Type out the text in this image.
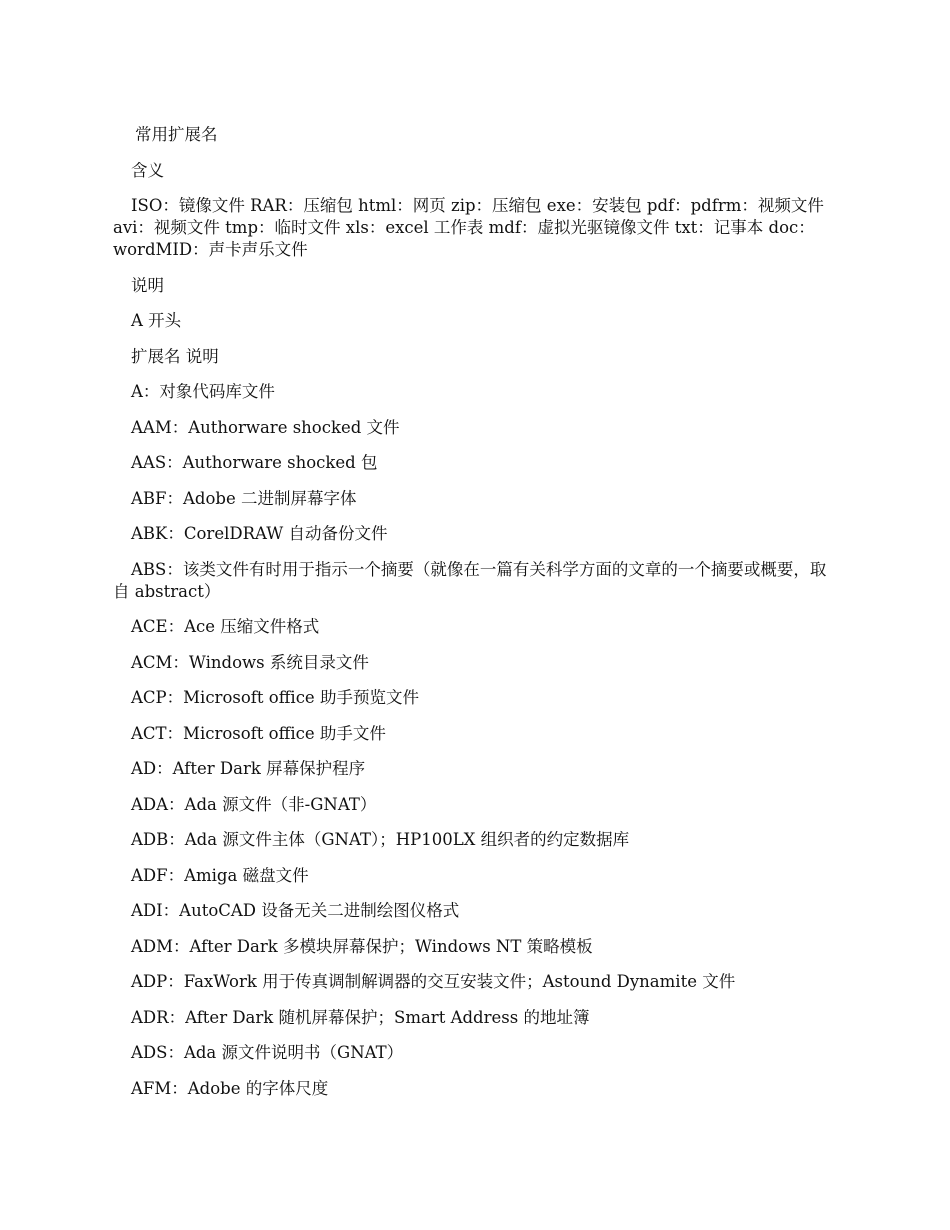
常用扩展名

含义

ISO：镜像文件 RAR：压缩包 html：网页 zip：压缩包 exe：安装包 pdf：pdfrm：视频文件 avi：视频文件 tmp：临时文件 xls：excel 工作表 mdf：虚拟光驱镜像文件 txt：记事本 doc：wordMID：声卡声乐文件

说明

A 开头

扩展名 说明

A：对象代码库文件

AAM：Authorware shocked 文件

AAS：Authorware shocked 包

ABF：Adobe 二进制屏幕字体

ABK：CorelDRAW 自动备份文件

ABS：该类文件有时用于指示一个摘要（就像在一篇有关科学方面的文章的一个摘要或概要，取自 abstract）

ACE：Ace 压缩文件格式

ACM：Windows 系统目录文件

ACP：Microsoft office 助手预览文件

ACT：Microsoft office 助手文件

AD：After Dark 屏幕保护程序

ADA：Ada 源文件（非-GNAT）

ADB：Ada 源文件主体（GNAT）；HP100LX 组织者的约定数据库

ADF：Amiga 磁盘文件

ADI：AutoCAD 设备无关二进制绘图仪格式

ADM：After Dark 多模块屏幕保护；Windows NT 策略模板

ADP：FaxWork 用于传真调制解调器的交互安装文件；Astound Dynamite 文件

ADR：After Dark 随机屏幕保护；Smart Address 的地址簿

ADS：Ada 源文件说明书（GNAT）

AFM：Adobe 的字体尺度
